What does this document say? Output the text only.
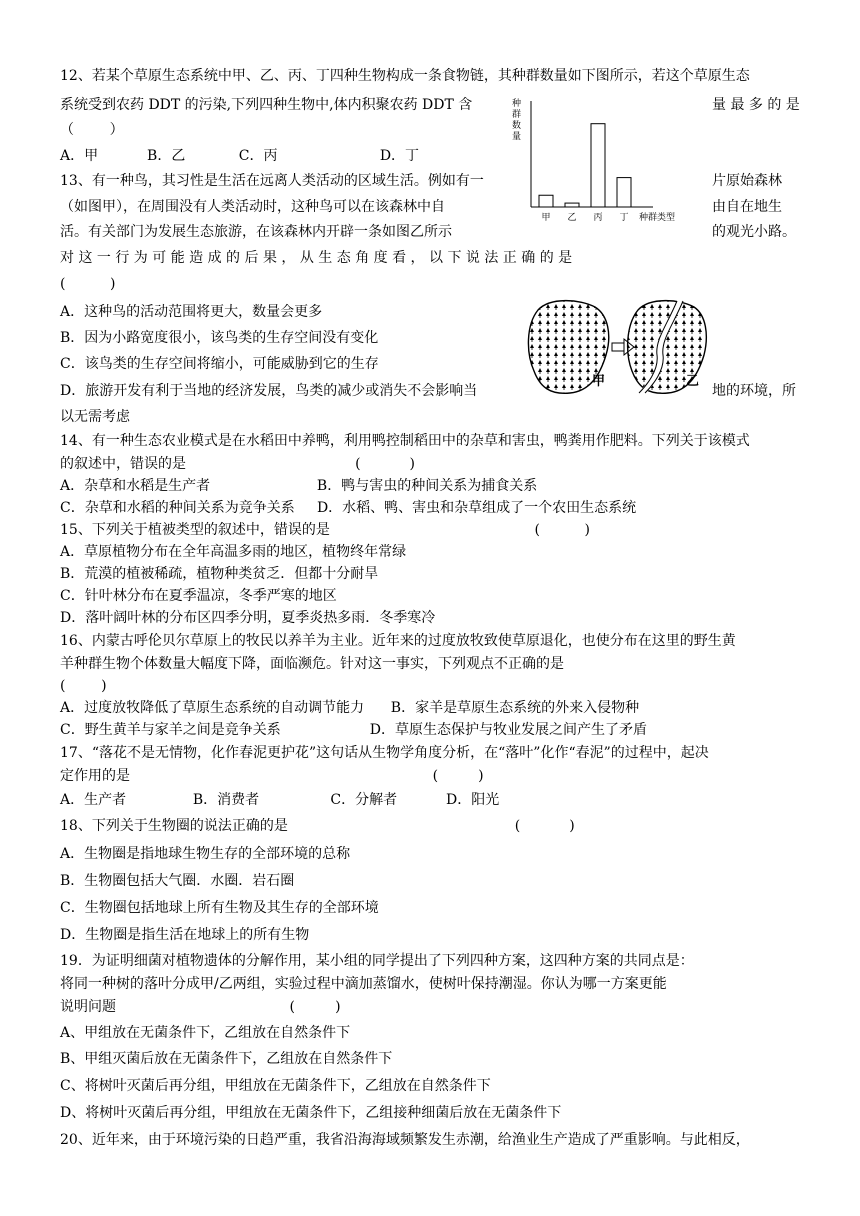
12、若某个草原生态系统中甲、乙、丙、丁四种生物构成一条食物链，其种群数量如下图所示，若这个草原生态
系统受到农药 DDT 的污染,下列四种生物中,体内积聚农药 DDT 含	量 最 多 的 是
（        ）
A．甲           B．乙            C．丙                       D．丁
种
群
数
量
甲 乙 丙 丁 种群类型
13、有一种鸟，其习性是生活在远离人类活动的区域生活。例如有一	片原始森林
（如图甲），在周围没有人类活动时，这种鸟可以在该森林中自	由自在地生
活。有关部门为发展生态旅游，在该森林内开辟一条如图乙所示	的观光小路。
对 这 一 行 为 可 能 造 成 的 后 果 ， 从 生 态 角 度 看 ， 以 下 说 法 正 确 的 是
(          )
A．这种鸟的活动范围将更大，数量会更多
B．因为小路宽度很小，该鸟类的生存空间没有变化
C．该鸟类的生存空间将缩小，可能威胁到它的生存
D．旅游开发有利于当地的经济发展，鸟类的减少或消失不会影响当	地的环境，所
以无需考虑
甲	乙
14、有一种生态农业模式是在水稻田中养鸭，利用鸭控制稻田中的杂草和害虫，鸭粪用作肥料。下列关于该模式
的叙述中，错误的是                                      (           )
A．杂草和水稻是生产者                        B．鸭与害虫的种间关系为捕食关系
C．杂草和水稻的种间关系为竞争关系     D．水稻、鸭、害虫和杂草组成了一个农田生态系统
15、下列关于植被类型的叙述中，错误的是                                              (          )
A．草原植物分布在全年高温多雨的地区，植物终年常绿
B．荒漠的植被稀疏，植物种类贫乏．但都十分耐旱
C．针叶林分布在夏季温凉，冬季严寒的地区
D．落叶阔叶林的分布区四季分明，夏季炎热多雨．冬季寒冷
16、内蒙古呼伦贝尔草原上的牧民以养羊为主业。近年来的过度放牧致使草原退化，也使分布在这里的野生黄
羊种群生物个体数量大幅度下降，面临濒危。针对这一事实，下列观点不正确的是
(        )
A．过度放牧降低了草原生态系统的自动调节能力      B．家羊是草原生态系统的外来入侵物种
C．野生黄羊与家羊之间是竞争关系                    D．草原生态保护与牧业发展之间产生了矛盾
17、“落花不是无情物，化作春泥更护花”这句话从生物学角度分析，在“落叶”化作“春泥”的过程中，起决
定作用的是                                                                    (         )
A．生产者               B．消费者                C．分解者           D．阳光
18、下列关于生物圈的说法正确的是                                                   (           )
A．生物圈是指地球生物生存的全部环境的总称
B．生物圈包括大气圈．水圈．岩石圈
C．生物圈包括地球上所有生物及其生存的全部环境
D．生物圈是指生活在地球上的所有生物
19．为证明细菌对植物遗体的分解作用，某小组的同学提出了下列四种方案，这四种方案的共同点是：
将同一种树的落叶分成甲/乙两组，实验过程中滴加蒸馏水，使树叶保持潮湿。你认为哪一方案更能
说明问题                                       (         )
A、甲组放在无菌条件下，乙组放在自然条件下
B、甲组灭菌后放在无菌条件下，乙组放在自然条件下
C、将树叶灭菌后再分组，甲组放在无菌条件下，乙组放在自然条件下
D、将树叶灭菌后再分组，甲组放在无菌条件下，乙组接种细菌后放在无菌条件下
20、近年来，由于环境污染的日趋严重，我省沿海海域频繁发生赤潮，给渔业生产造成了严重影响。与此相反，
